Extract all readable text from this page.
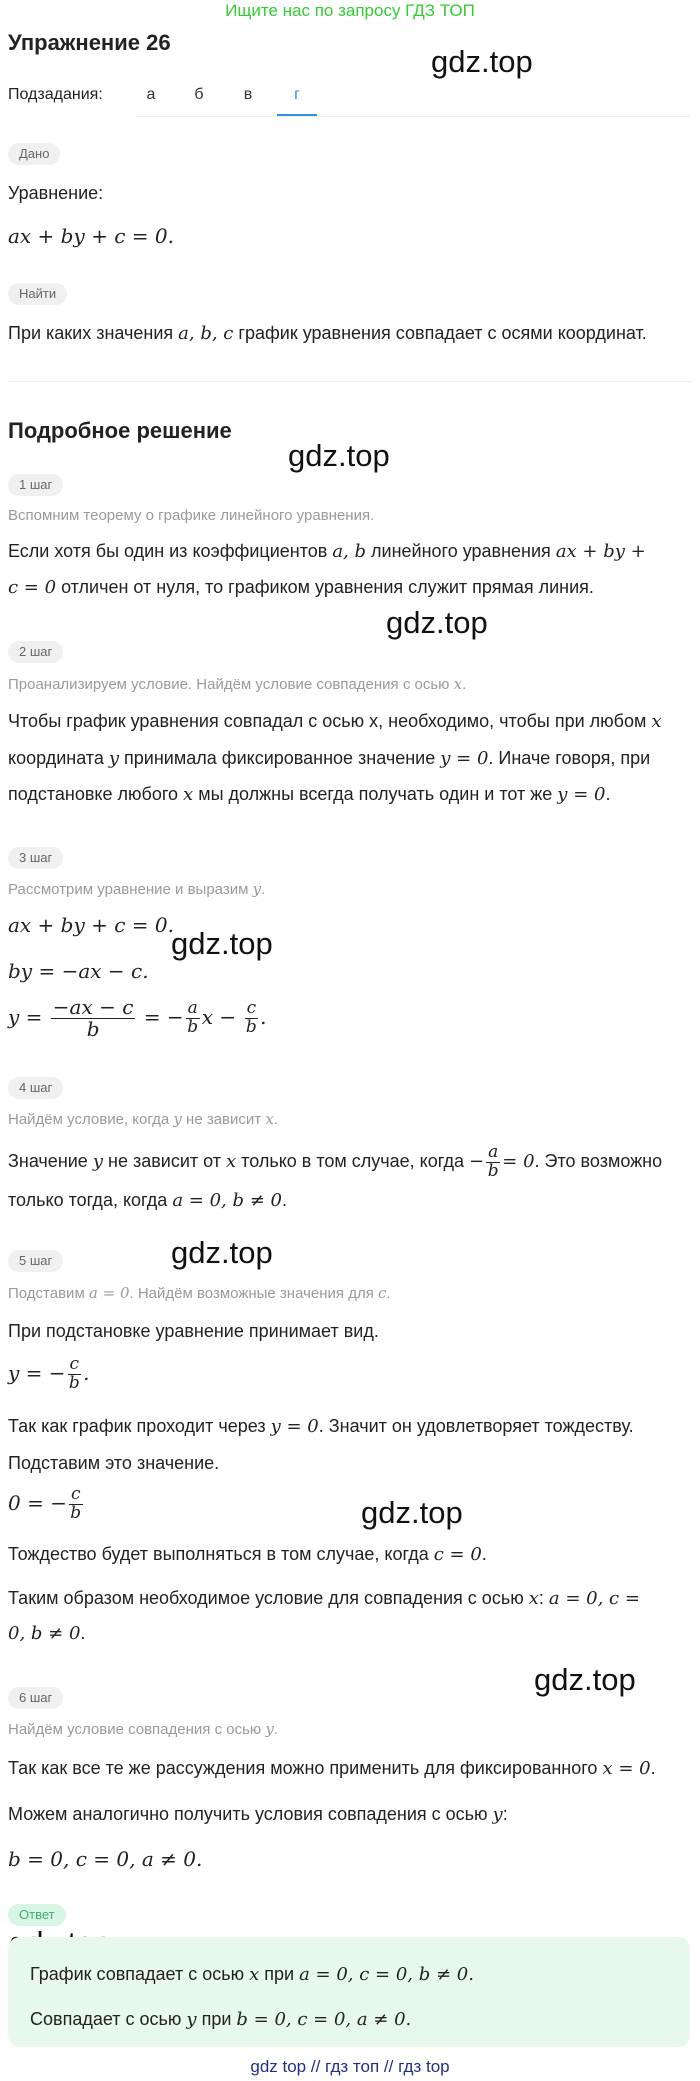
Ищите нас по запросу ГДЗ ТОП
Упражнение 26
gdz.top
gdz.top
gdz.top
gdz.top
gdz.top
gdz.top
gdz.top
Подзадания:	а	б	в	г
Дано
Уравнение:
ax + by + c = 0.
Найти
При каких значения a, b, c график уравнения совпадает с осями координат.
Подробное решение
1 шаг
Вспомним теорему о графике линейного уравнения.
Если хотя бы один из коэффициентов a, b линейного уравнения ax + by +
c = 0 отличен от нуля, то графиком уравнения служит прямая линия.
2 шаг
Проанализируем условие. Найдём условие совпадения с осью x.
Чтобы график уравнения совпадал с осью х, необходимо, чтобы при любом x
координата y принимала фиксированное значение y = 0. Иначе говоря, при
подстановке любого x мы должны всегда получать один и тот же y = 0.
3 шаг
Рассмотрим уравнение и выразим y.
ax + by + c = 0.
by = −ax − c.
$y = \frac{-ax - c}{b}$ = − $\frac{a}{b}$ $x - \frac{c}{b}$ .
4 шаг
Найдём условие, когда y не зависит x.
Значение y не зависит от x только в том случае, когда − $\frac{a}{b} = 0$. Это возможно
только тогда, когда a = 0, b ≠ 0.
5 шаг
Подставим a = 0. Найдём возможные значения для c.
При подстановке уравнение принимает вид.
y = − $\frac{c}{b}$ .
Так как график проходит через y = 0. Значит он удовлетворяет тождеству.
Подставим это значение.
0 = − $\frac{c}{b}$
Тождество будет выполняться в том случае, когда c = 0.
Таким образом необходимое условие для совпадения с осью x: a = 0, c =
0, b ≠ 0.
6 шаг
Найдём условие совпадения с осью y.
Так как все те же рассуждения можно применить для фиксированного x = 0.
Можем аналогично получить условия совпадения с осью y:
b = 0, c = 0, a ≠ 0.
Ответ
График совпадает с осью x при a = 0, c = 0, b ≠ 0.
Совпадает с осью y при b = 0, c = 0, a ≠ 0.
gdz top // гдз топ // гдз top
